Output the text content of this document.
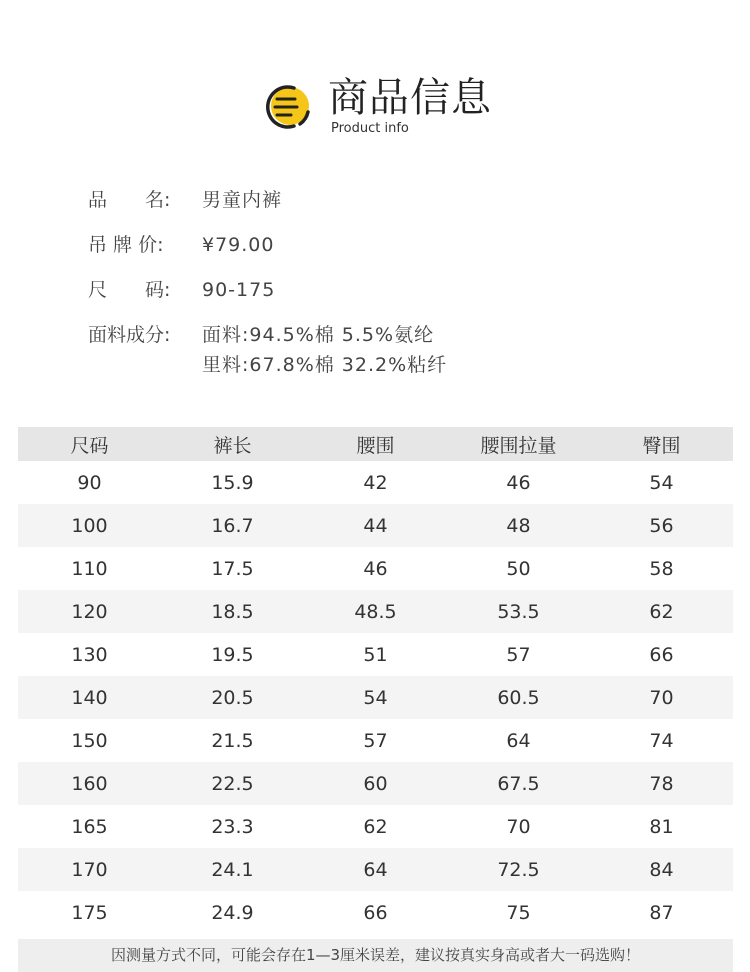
商品信息
Product info
品　　名:	男童内裤
吊 牌 价:	¥79.00
尺　　码:	90-175
面料成分:	面料:94.5%棉 5.5%氨纶
里料:67.8%棉 32.2%粘纤
尺码	裤长	腰围	腰围拉量	臀围
90	15.9	42	46	54
100	16.7	44	48	56
110	17.5	46	50	58
120	18.5	48.5	53.5	62
130	19.5	51	57	66
140	20.5	54	60.5	70
150	21.5	57	64	74
160	22.5	60	67.5	78
165	23.3	62	70	81
170	24.1	64	72.5	84
175	24.9	66	75	87
因测量方式不同，可能会存在1—3厘米误差，建议按真实身高或者大一码选购！
